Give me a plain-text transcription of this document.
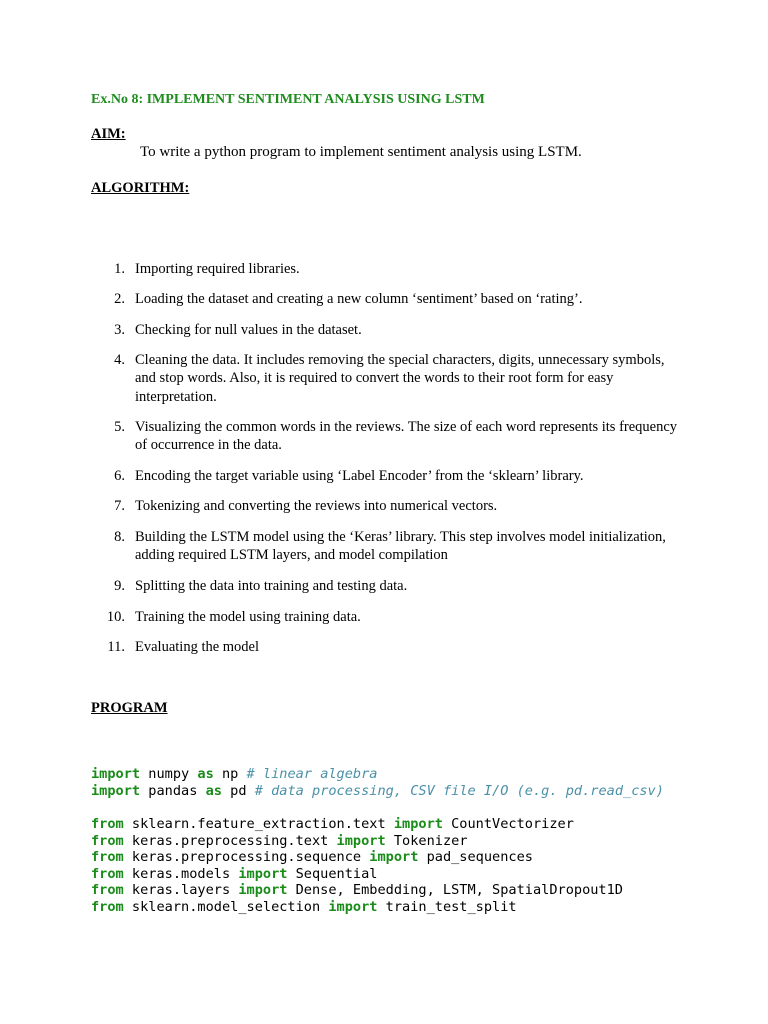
Ex.No 8: IMPLEMENT SENTIMENT ANALYSIS USING LSTM
AIM:
To write a python program to implement sentiment analysis using LSTM.
ALGORITHM:
1. Importing required libraries.
2. Loading the dataset and creating a new column ‘sentiment’ based on ‘rating’.
3. Checking for null values in the dataset.
4. Cleaning the data. It includes removing the special characters, digits, unnecessary symbols, and stop words. Also, it is required to convert the words to their root form for easy interpretation.
5. Visualizing the common words in the reviews. The size of each word represents its frequency of occurrence in the data.
6. Encoding the target variable using ‘Label Encoder’ from the ‘sklearn’ library.
7. Tokenizing and converting the reviews into numerical vectors.
8. Building the LSTM model using the ‘Keras’ library. This step involves model initialization, adding required LSTM layers, and model compilation
9. Splitting the data into training and testing data.
10. Training the model using training data.
11. Evaluating the model
PROGRAM
import numpy as np # linear algebra
import pandas as pd # data processing, CSV file I/O (e.g. pd.read_csv)
from sklearn.feature_extraction.text import CountVectorizer
from keras.preprocessing.text import Tokenizer
from keras.preprocessing.sequence import pad_sequences
from keras.models import Sequential
from keras.layers import Dense, Embedding, LSTM, SpatialDropout1D
from sklearn.model_selection import train_test_split
